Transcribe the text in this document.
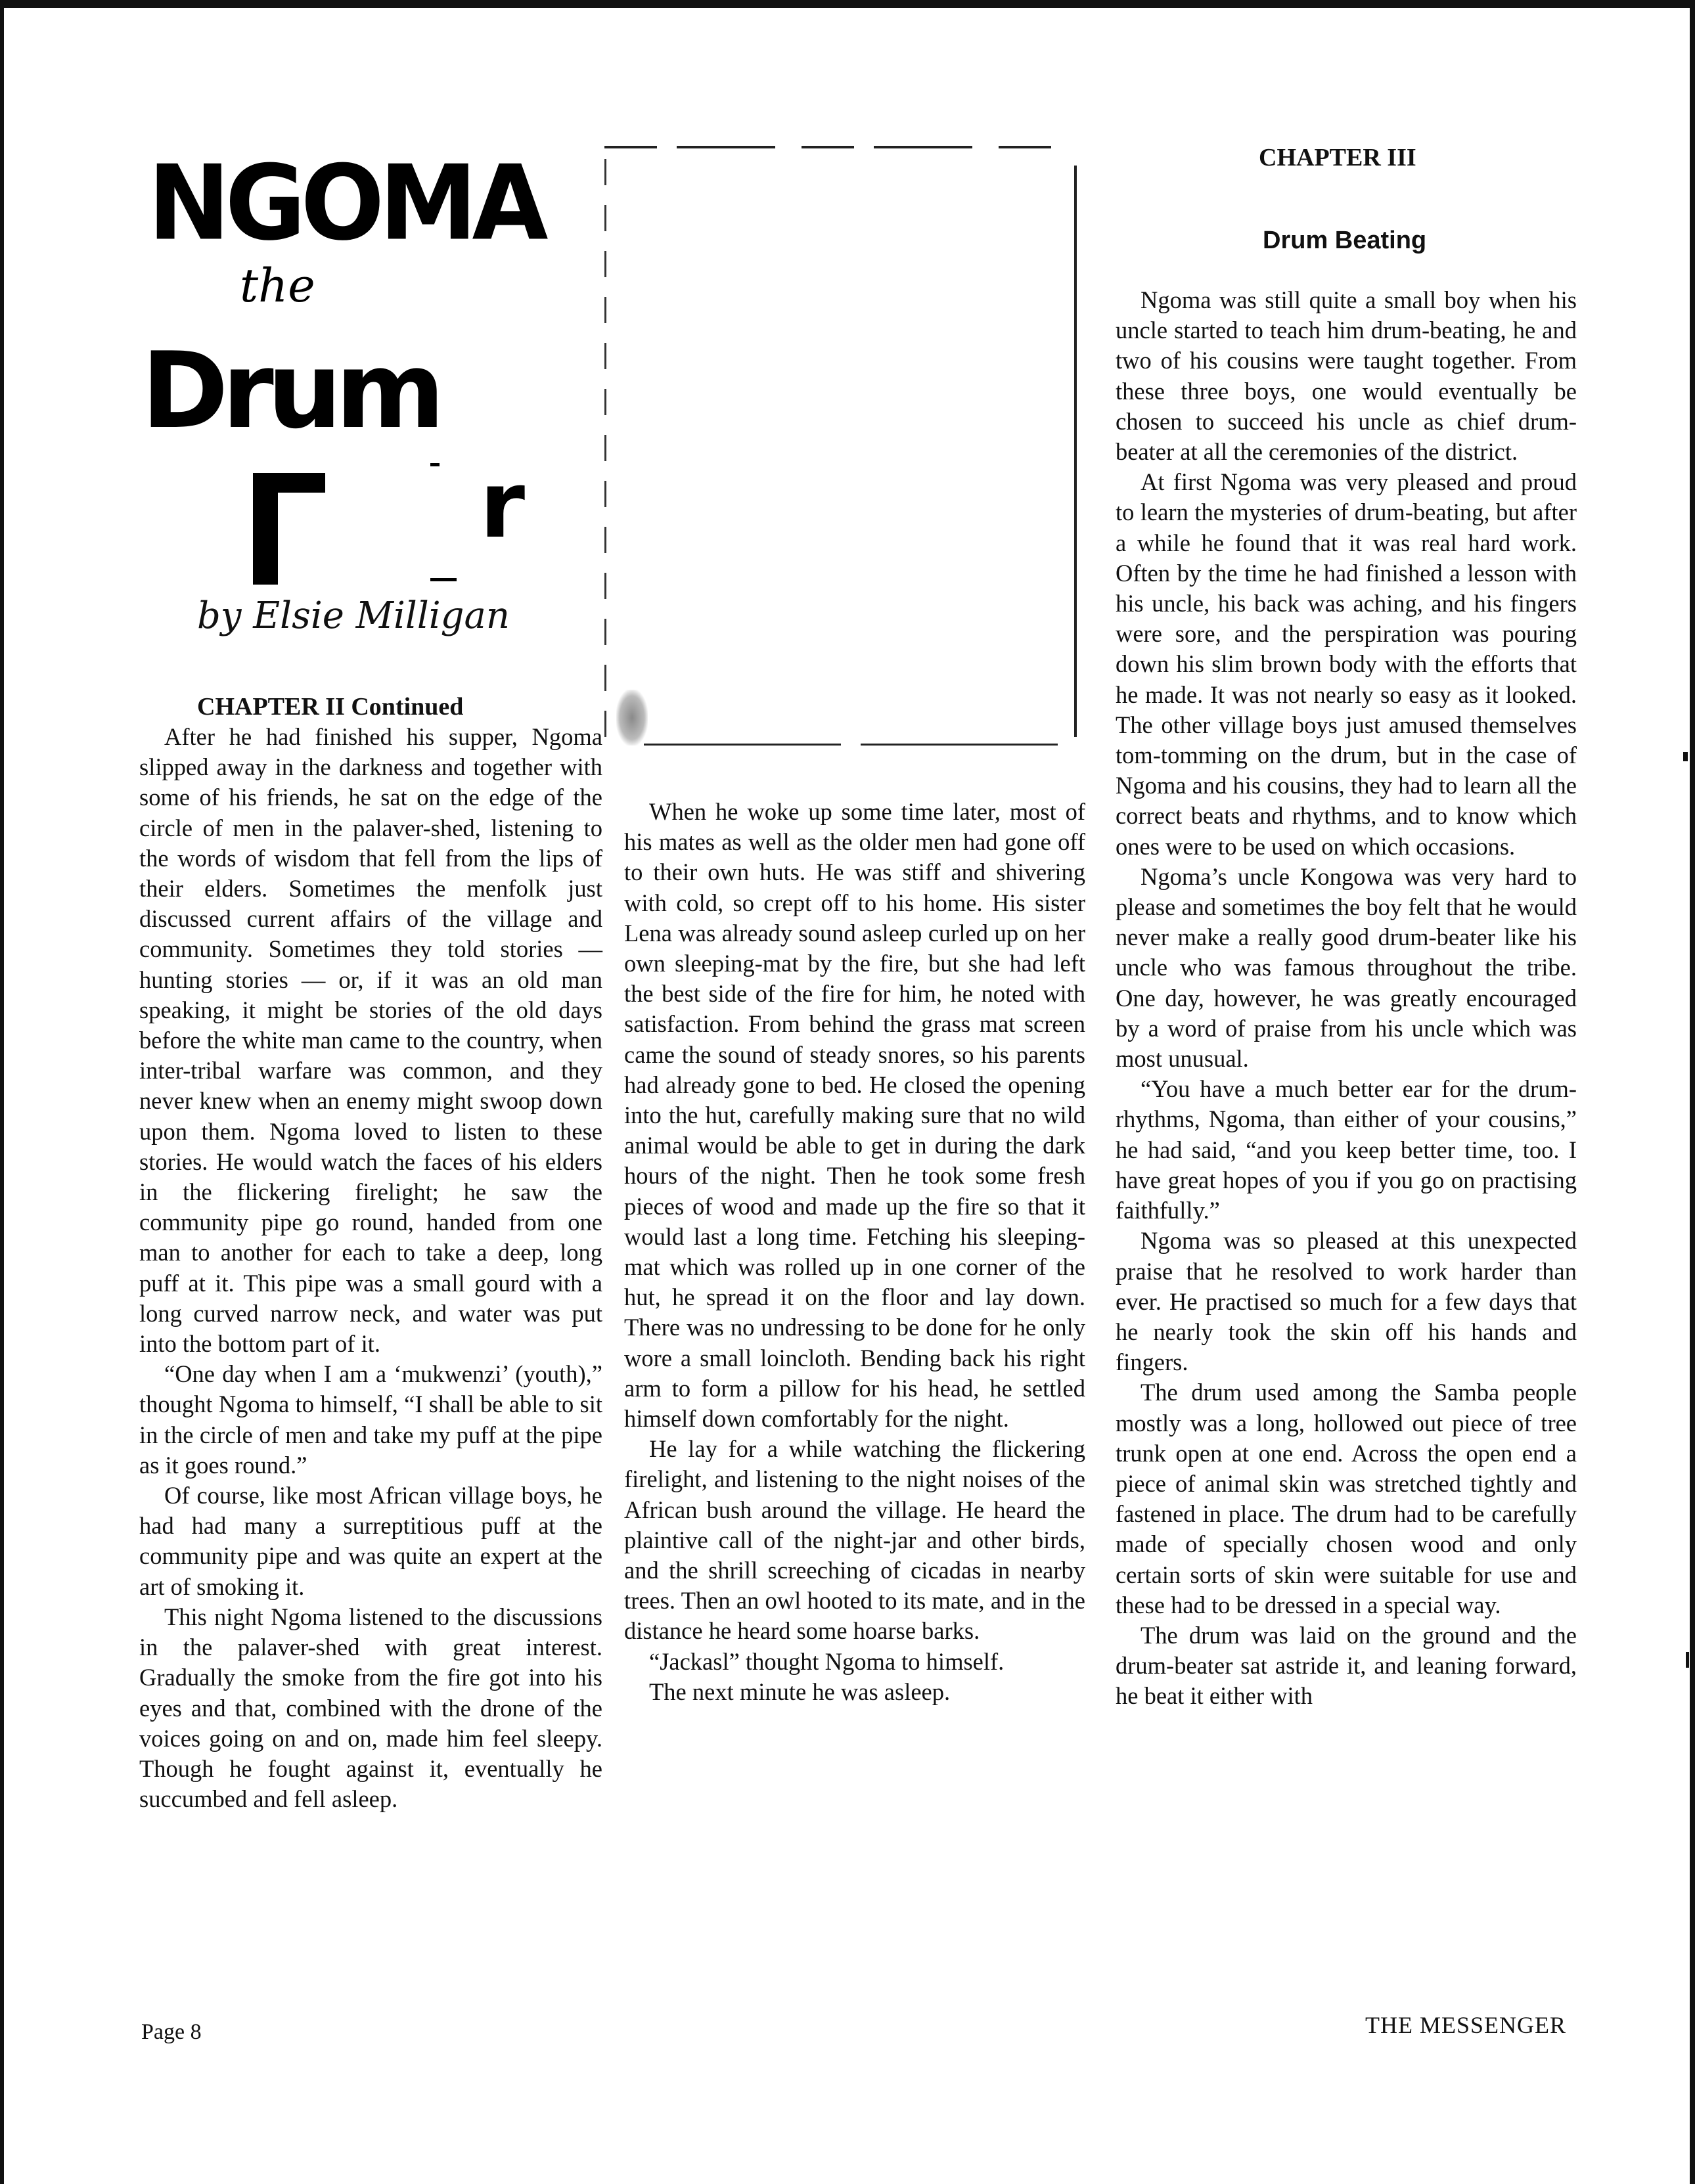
NGOMA
the
Drum
r
by Elsie Milligan

CHAPTER II Continued

After he had finished his supper, Ngoma slipped away in the darkness and together with some of his friends, he sat on the edge of the circle of men in the palaver-shed, listening to the words of wisdom that fell from the lips of their elders. Sometimes the menfolk just discussed current affairs of the village and community. Sometimes they told stories — hunting stories — or, if it was an old man speaking, it might be stories of the old days before the white man came to the country, when inter-tribal warfare was common, and they never knew when an enemy might swoop down upon them. Ngoma loved to listen to these stories. He would watch the faces of his elders in the flickering firelight; he saw the community pipe go round, handed from one man to another for each to take a deep, long puff at it. This pipe was a small gourd with a long curved narrow neck, and water was put into the bottom part of it.

“One day when I am a ‘mukwenzi’ (youth),” thought Ngoma to himself, “I shall be able to sit in the circle of men and take my puff at the pipe as it goes round.”

Of course, like most African village boys, he had had many a surreptitious puff at the community pipe and was quite an expert at the art of smoking it.

This night Ngoma listened to the discussions in the palaver-shed with great interest. Gradually the smoke from the fire got into his eyes and that, combined with the drone of the voices going on and on, made him feel sleepy. Though he fought against it, eventually he succumbed and fell asleep.

When he woke up some time later, most of his mates as well as the older men had gone off to their own huts. He was stiff and shivering with cold, so crept off to his home. His sister Lena was already sound asleep curled up on her own sleeping-mat by the fire, but she had left the best side of the fire for him, he noted with satisfaction. From behind the grass mat screen came the sound of steady snores, so his parents had already gone to bed. He closed the opening into the hut, carefully making sure that no wild animal would be able to get in during the dark hours of the night. Then he took some fresh pieces of wood and made up the fire so that it would last a long time. Fetching his sleeping-mat which was rolled up in one corner of the hut, he spread it on the floor and lay down. There was no undressing to be done for he only wore a small loincloth. Bending back his right arm to form a pillow for his head, he settled himself down comfortably for the night.

He lay for a while watching the flickering firelight, and listening to the night noises of the African bush around the village. He heard the plaintive call of the night-jar and other birds, and the shrill screeching of cicadas in nearby trees. Then an owl hooted to its mate, and in the distance he heard some hoarse barks.

“Jackasl” thought Ngoma to himself.

The next minute he was asleep.

CHAPTER III
Drum Beating

Ngoma was still quite a small boy when his uncle started to teach him drum-beating, he and two of his cousins were taught together. From these three boys, one would eventually be chosen to succeed his uncle as chief drum-beater at all the ceremonies of the district.

At first Ngoma was very pleased and proud to learn the mysteries of drum-beating, but after a while he found that it was real hard work. Often by the time he had finished a lesson with his uncle, his back was aching, and his fingers were sore, and the perspiration was pouring down his slim brown body with the efforts that he made. It was not nearly so easy as it looked. The other village boys just amused themselves tom-tomming on the drum, but in the case of Ngoma and his cousins, they had to learn all the correct beats and rhythms, and to know which ones were to be used on which occasions.

Ngoma’s uncle Kongowa was very hard to please and sometimes the boy felt that he would never make a really good drum-beater like his uncle who was famous throughout the tribe. One day, however, he was greatly encouraged by a word of praise from his uncle which was most unusual.

“You have a much better ear for the drum-rhythms, Ngoma, than either of your cousins,” he had said, “and you keep better time, too. I have great hopes of you if you go on practising faithfully.”

Ngoma was so pleased at this unexpected praise that he resolved to work harder than ever. He practised so much for a few days that he nearly took the skin off his hands and fingers.

The drum used among the Samba people mostly was a long, hollowed out piece of tree trunk open at one end. Across the open end a piece of animal skin was stretched tightly and fastened in place. The drum had to be carefully made of specially chosen wood and only certain sorts of skin were suitable for use and these had to be dressed in a special way.

The drum was laid on the ground and the drum-beater sat astride it, and leaning forward, he beat it either with

Page 8	THE MESSENGER
